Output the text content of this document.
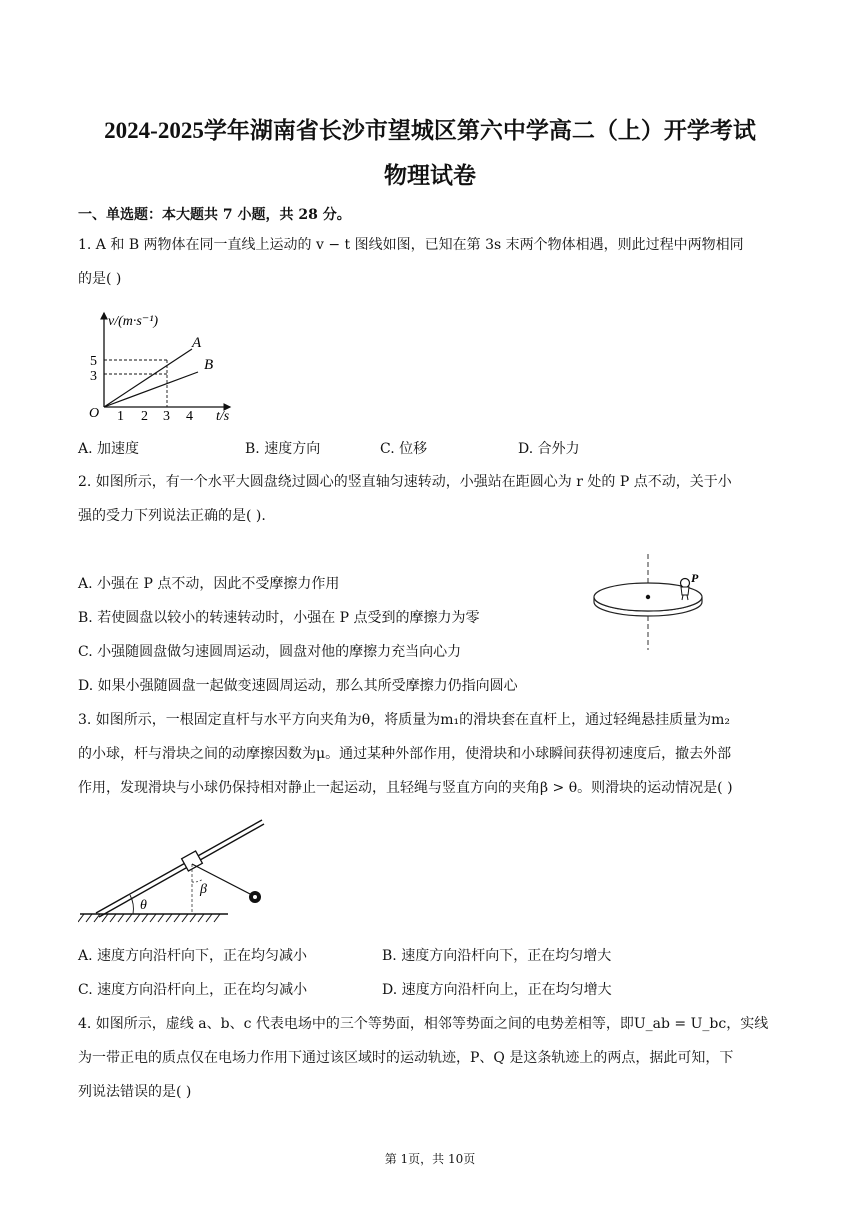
2024-2025学年湖南省长沙市望城区第六中学高二（上）开学考试
物理试卷
一、单选题：本大题共 7 小题，共 28 分。
1. A 和 B 两物体在同一直线上运动的 v − t 图线如图，已知在第 3s 末两个物体相遇，则此过程中两物相同
的是( )
v/(m·s⁻¹)
t/s
O
5
3
1 2 3 4
A
B
A. 加速度	B. 速度方向	C. 位移	D. 合外力
2. 如图所示，有一个水平大圆盘绕过圆心的竖直轴匀速转动，小强站在距圆心为 r 处的 P 点不动，关于小
强的受力下列说法正确的是( ).
A. 小强在 P 点不动，因此不受摩擦力作用
B. 若使圆盘以较小的转速转动时，小强在 P 点受到的摩擦力为零
C. 小强随圆盘做匀速圆周运动，圆盘对他的摩擦力充当向心力
D. 如果小强随圆盘一起做变速圆周运动，那么其所受摩擦力仍指向圆心
P
3. 如图所示，一根固定直杆与水平方向夹角为θ，将质量为m₁的滑块套在直杆上，通过轻绳悬挂质量为m₂
的小球，杆与滑块之间的动摩擦因数为μ。通过某种外部作用，使滑块和小球瞬间获得初速度后，撤去外部
作用，发现滑块与小球仍保持相对静止一起运动，且轻绳与竖直方向的夹角β > θ。则滑块的运动情况是( )
θ
β
A. 速度方向沿杆向下，正在均匀减小	B. 速度方向沿杆向下，正在均匀增大
C. 速度方向沿杆向上，正在均匀减小	D. 速度方向沿杆向上，正在均匀增大
4. 如图所示，虚线 a、b、c 代表电场中的三个等势面，相邻等势面之间的电势差相等，即U_ab = U_bc，实线
为一带正电的质点仅在电场力作用下通过该区域时的运动轨迹，P、Q 是这条轨迹上的两点，据此可知，下
列说法错误的是( )
第 1页，共 10页
